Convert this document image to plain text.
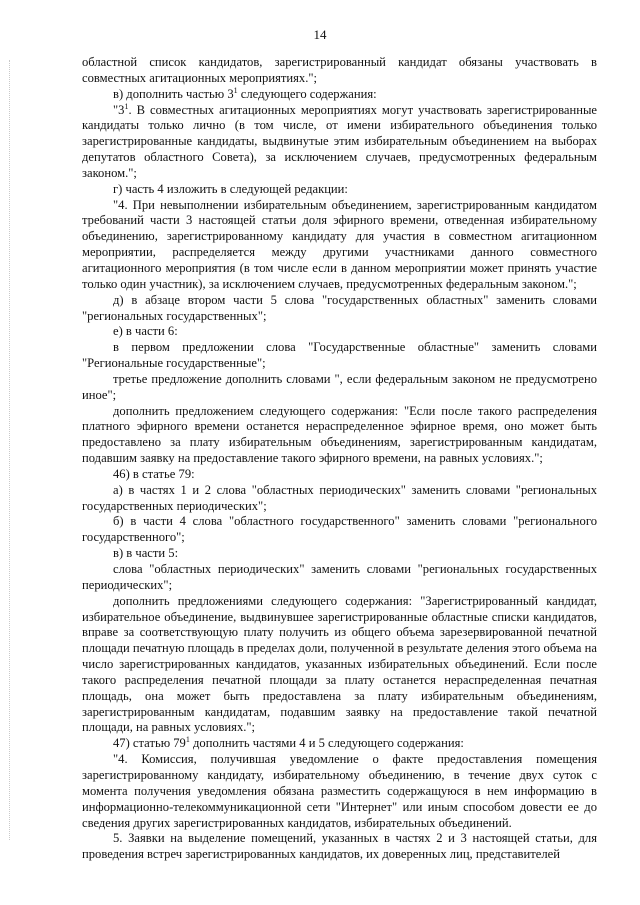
14

областной список кандидатов, зарегистрированный кандидат обязаны участвовать в совместных агитационных мероприятиях.";

в) дополнить частью $3^1$ следующего содержания:

"$3^1$. В совместных агитационных мероприятиях могут участвовать зарегистрированные кандидаты только лично (в том числе, от имени избирательного объединения только зарегистрированные кандидаты, выдвинутые этим избирательным объединением на выборах депутатов областного Совета), за исключением случаев, предусмотренных федеральным законом.";

г) часть 4 изложить в следующей редакции:

"4. При невыполнении избирательным объединением, зарегистрированным кандидатом требований части 3 настоящей статьи доля эфирного времени, отведенная избирательному объединению, зарегистрированному кандидату для участия в совместном агитационном мероприятии, распределяется между другими участниками данного совместного агитационного мероприятия (в том числе если в данном мероприятии может принять участие только один участник), за исключением случаев, предусмотренных федеральным законом.";

д) в абзаце втором части 5 слова "государственных областных" заменить словами "региональных государственных";

е) в части 6:

в первом предложении слова "Государственные областные" заменить словами "Региональные государственные";

третье предложение дополнить словами ", если федеральным законом не предусмотрено иное";

дополнить предложением следующего содержания: "Если после такого распределения платного эфирного времени останется нераспределенное эфирное время, оно может быть предоставлено за плату избирательным объединениям, зарегистрированным кандидатам, подавшим заявку на предоставление такого эфирного времени, на равных условиях.";

46) в статье 79:

а) в частях 1 и 2 слова "областных периодических" заменить словами "региональных государственных периодических";

б) в части 4 слова "областного государственного" заменить словами "регионального государственного";

в) в части 5:

слова "областных периодических" заменить словами "региональных государственных периодических";

дополнить предложениями следующего содержания: "Зарегистрированный кандидат, избирательное объединение, выдвинувшее зарегистрированные областные списки кандидатов, вправе за соответствующую плату получить из общего объема зарезервированной печатной площади печатную площадь в пределах доли, полученной в результате деления этого объема на число зарегистрированных кандидатов, указанных избирательных объединений. Если после такого распределения печатной площади за плату останется нераспределенная печатная площадь, она может быть предоставлена за плату избирательным объединениям, зарегистрированным кандидатам, подавшим заявку на предоставление такой печатной площади, на равных условиях.";

47) статью $79^1$ дополнить частями 4 и 5 следующего содержания:

"4. Комиссия, получившая уведомление о факте предоставления помещения зарегистрированному кандидату, избирательному объединению, в течение двух суток с момента получения уведомления обязана разместить содержащуюся в нем информацию в информационно-телекоммуникационной сети "Интернет" или иным способом довести ее до сведения других зарегистрированных кандидатов, избирательных объединений.

5. Заявки на выделение помещений, указанных в частях 2 и 3 настоящей статьи, для проведения встреч зарегистрированных кандидатов, их доверенных лиц, представителей
